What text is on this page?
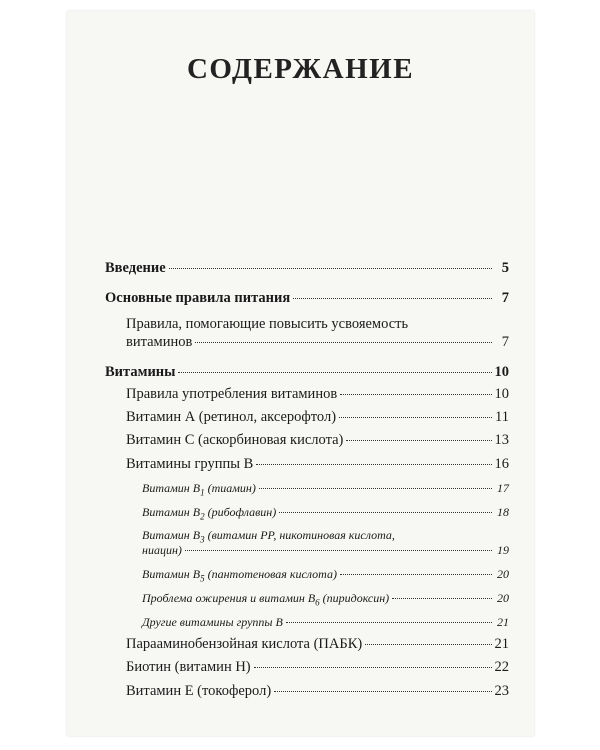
СОДЕРЖАНИЕ
Введение	5
Основные правила питания	7
Правила, помогающие повысить усвояемость
витаминов	7
Витамины	10
Правила употребления витаминов	10
Витамин А (ретинол, аксерофтол)	11
Витамин С (аскорбиновая кислота)	13
Витамины группы В	16
Витамин $B_1$ (тиамин)	17
Витамин $B_2$ (рибофлавин)	18
Витамин $B_3$ (витамин PP, никотиновая кислота,
ниацин)	19
Витамин $B_5$ (пантотеновая кислота)	20
Проблема ожирения и витамин $B_6$ (пиридоксин)	20
Другие витамины группы В	21
Парааминобензойная кислота (ПАБК)	21
Биотин (витамин Н)	22
Витамин Е (токоферол)	23
